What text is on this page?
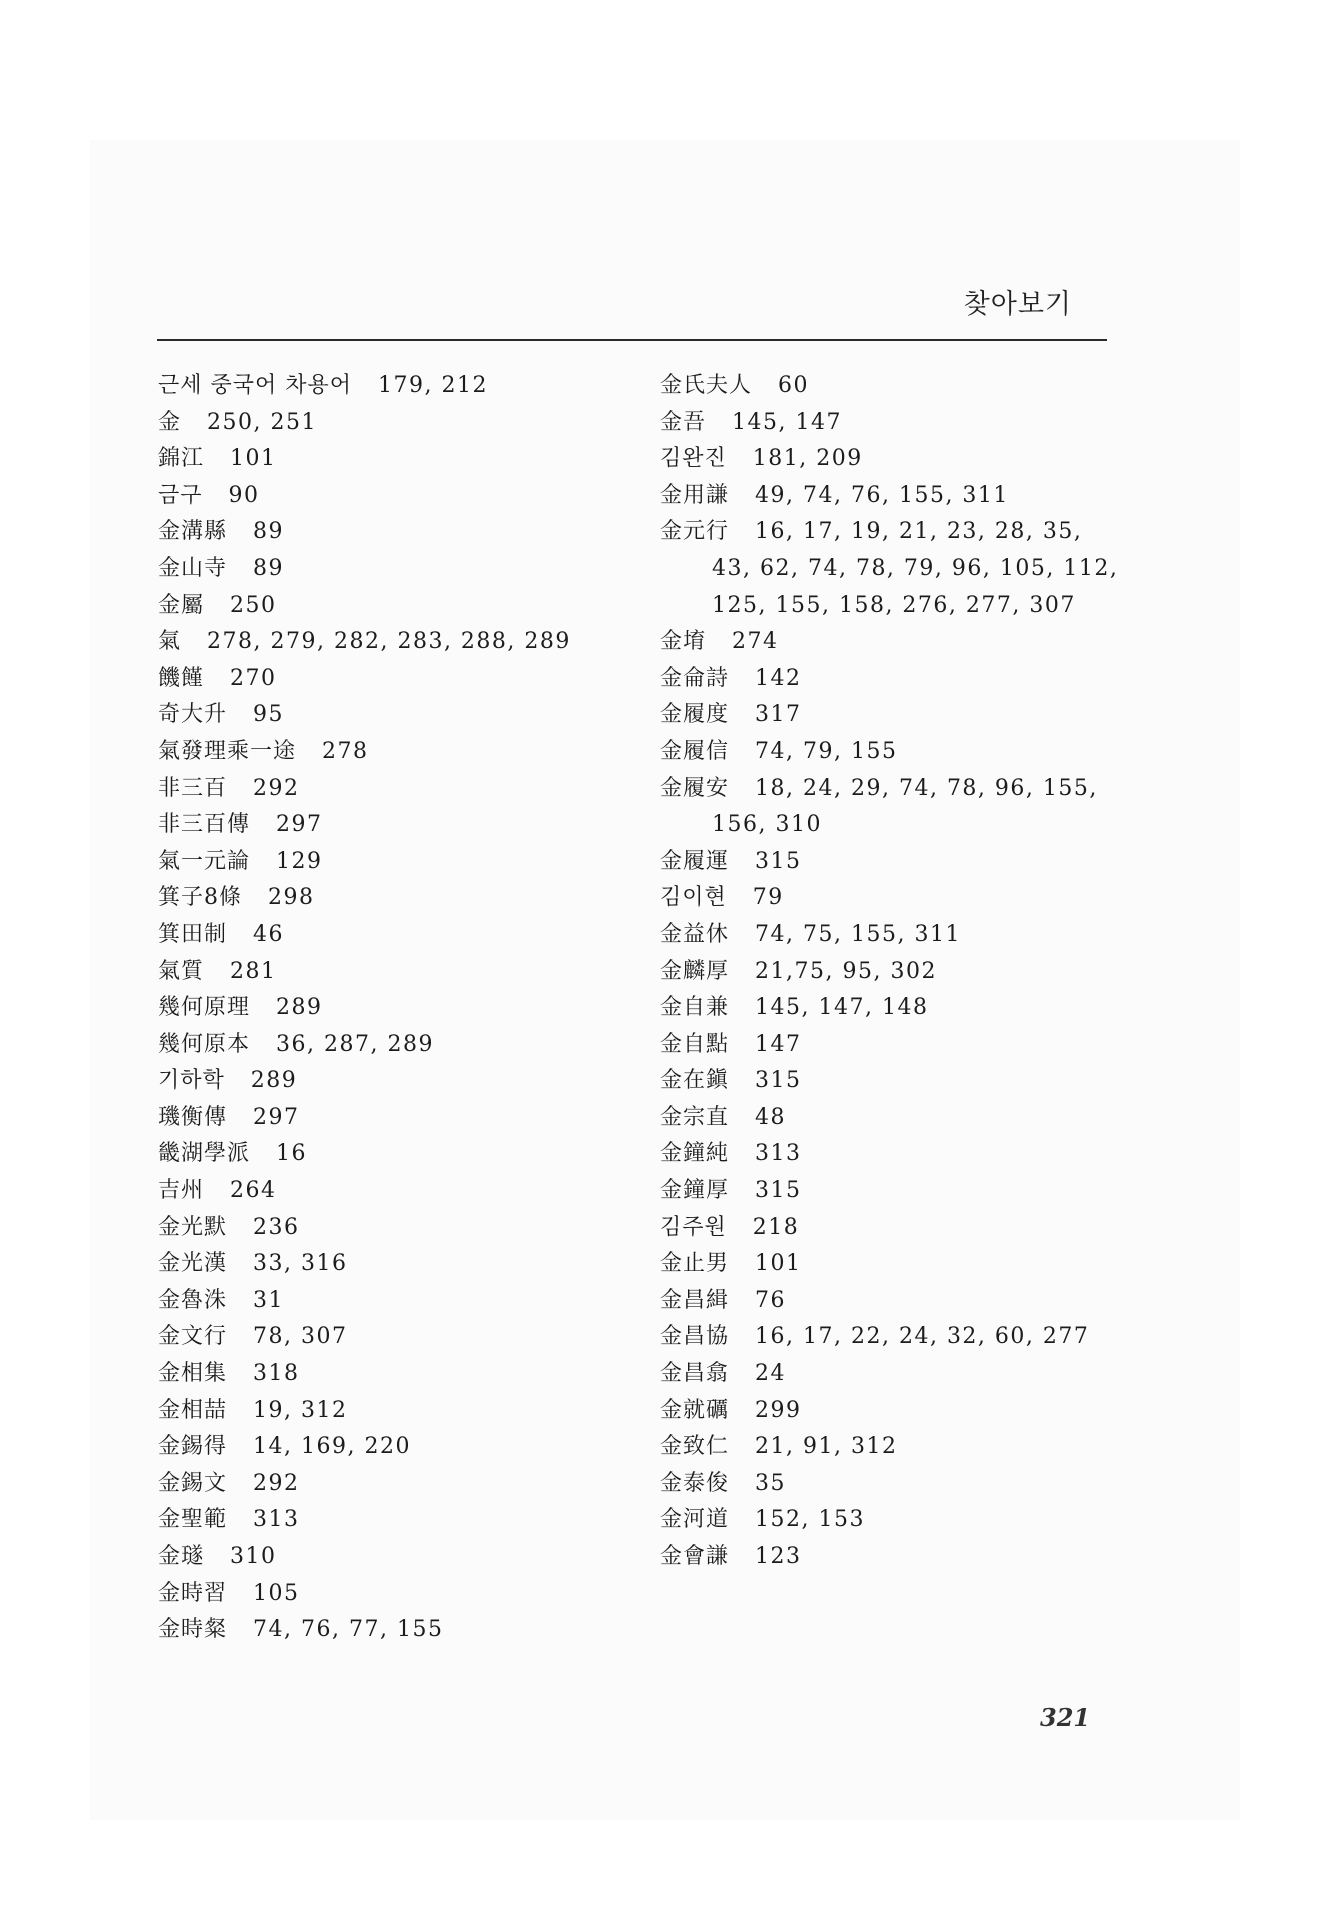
찾아보기
근세 중국어 차용어 179, 212
金 250, 251
錦江 101
금구 90
金溝縣 89
金山寺 89
金屬 250
氣 278, 279, 282, 283, 288, 289
饑饉 270
奇大升 95
氣發理乘一途 278
非三百 292
非三百傳 297
氣一元論 129
箕子8條 298
箕田制 46
氣質 281
幾何原理 289
幾何原本 36, 287, 289
기하학 289
璣衡傳 297
畿湖學派 16
吉州 264
金光默 236
金光漢 33, 316
金魯洙 31
金文行 78, 307
金相集 318
金相喆 19, 312
金錫得 14, 169, 220
金錫文 292
金聖範 313
金璲 310
金時習 105
金時粲 74, 76, 77, 155
金氏夫人 60
金吾 145, 147
김완진 181, 209
金用謙 49, 74, 76, 155, 311
金元行 16, 17, 19, 21, 23, 28, 35,
43, 62, 74, 78, 79, 96, 105, 112,
125, 155, 158, 276, 277, 307
金堉 274
金侖詩 142
金履度 317
金履信 74, 79, 155
金履安 18, 24, 29, 74, 78, 96, 155,
156, 310
金履運 315
김이현 79
金益休 74, 75, 155, 311
金麟厚 21,75, 95, 302
金自兼 145, 147, 148
金自點 147
金在鎭 315
金宗直 48
金鐘純 313
金鐘厚 315
김주원 218
金止男 101
金昌緝 76
金昌協 16, 17, 22, 24, 32, 60, 277
金昌翕 24
金就礪 299
金致仁 21, 91, 312
金泰俊 35
金河道 152, 153
金會謙 123
321
